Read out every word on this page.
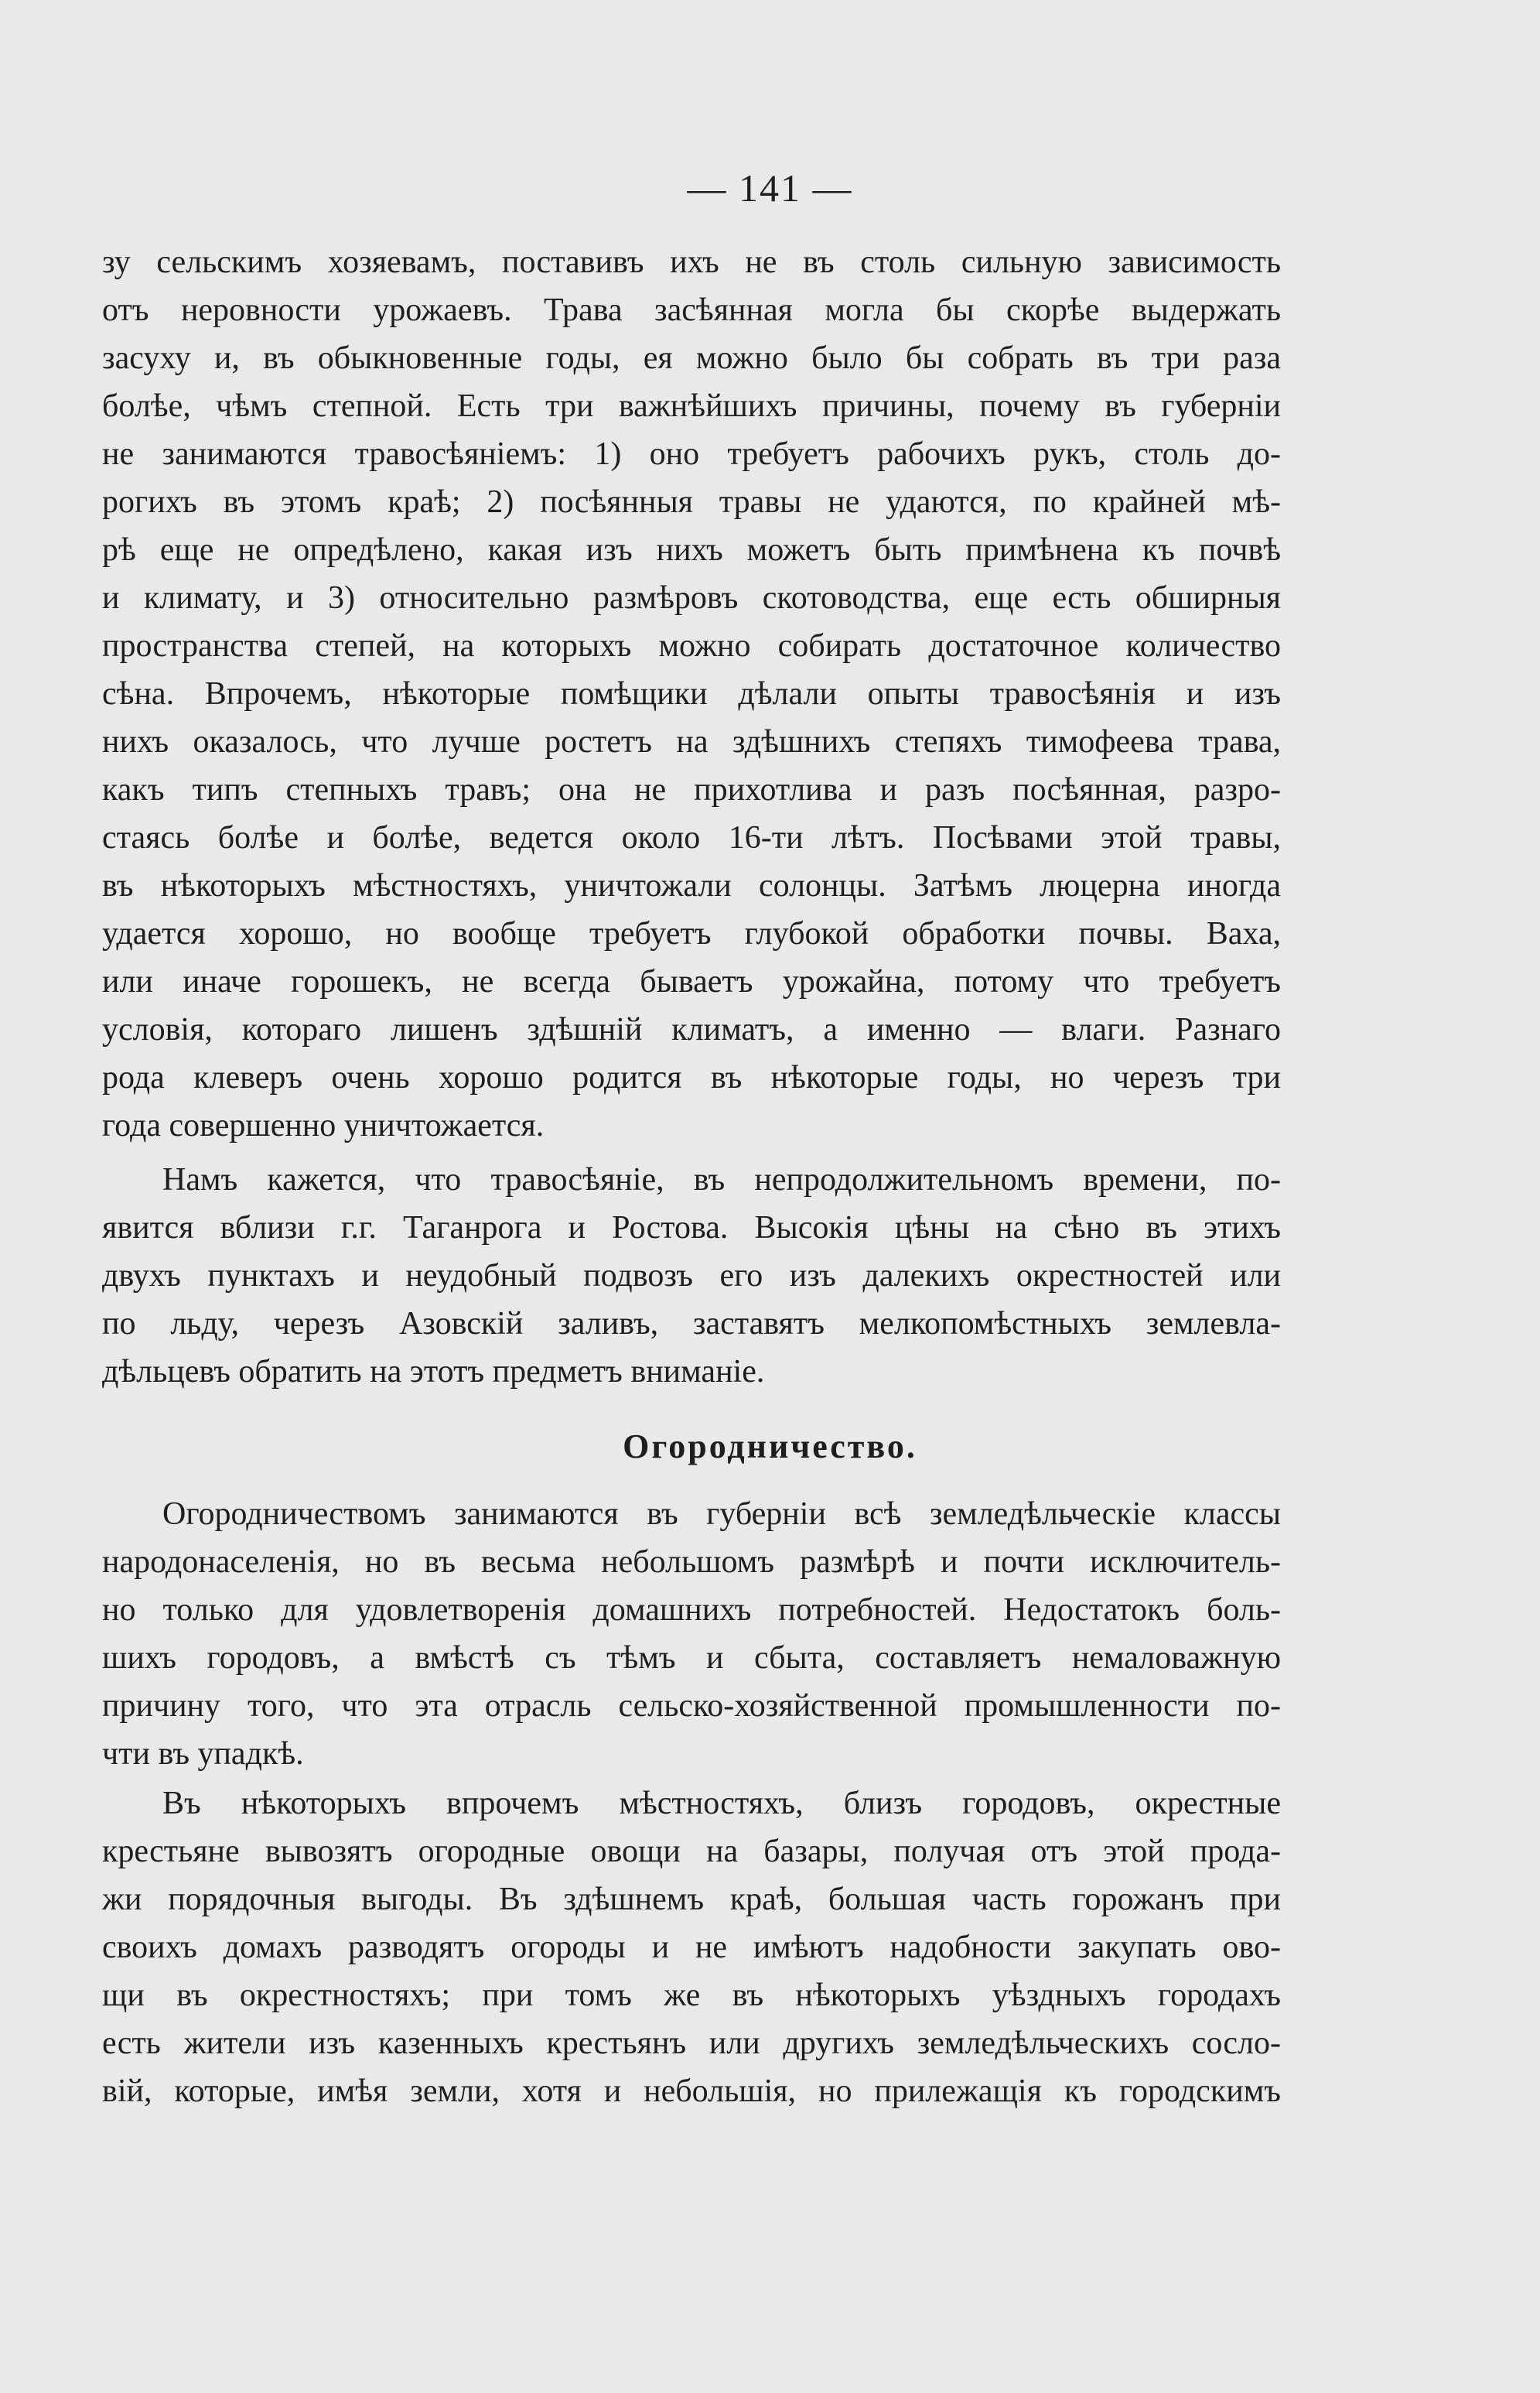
— 141 —
зу сельскимъ хозяевамъ, поставивъ ихъ не въ столь сильную зависимость
отъ неровности урожаевъ. Трава засѣянная могла бы скорѣе выдержать
засуху и, въ обыкновенные годы, ея можно было бы собрать въ три раза
болѣе, чѣмъ степной. Есть три важнѣйшихъ причины, почему въ губерніи
не занимаются травосѣяніемъ: 1) оно требуетъ рабочихъ рукъ, столь до-
рогихъ въ этомъ краѣ; 2) посѣянныя травы не удаются, по крайней мѣ-
рѣ еще не опредѣлено, какая изъ нихъ можетъ быть примѣнена къ почвѣ
и климату, и 3) относительно размѣровъ скотоводства, еще есть обширныя
пространства степей, на которыхъ можно собирать достаточное количество
сѣна. Впрочемъ, нѣкоторые помѣщики дѣлали опыты травосѣянія и изъ
нихъ оказалось, что лучше ростетъ на здѣшнихъ степяхъ тимофеева трава,
какъ типъ степныхъ травъ; она не прихотлива и разъ посѣянная, разро-
стаясь болѣе и болѣе, ведется около 16-ти лѣтъ. Посѣвами этой травы,
въ нѣкоторыхъ мѣстностяхъ, уничтожали солонцы. Затѣмъ люцерна иногда
удается хорошо, но вообще требуетъ глубокой обработки почвы. Ваха,
или иначе горошекъ, не всегда бываетъ урожайна, потому что требуетъ
условія, котораго лишенъ здѣшній климатъ, а именно — влаги. Разнаго
рода клеверъ очень хорошо родится въ нѣкоторые годы, но черезъ три
года совершенно уничтожается.
Намъ кажется, что травосѣяніе, въ непродолжительномъ времени, по-
явится вблизи г.г. Таганрога и Ростова. Высокія цѣны на сѣно въ этихъ
двухъ пунктахъ и неудобный подвозъ его изъ далекихъ окрестностей или
по льду, черезъ Азовскій заливъ, заставятъ мелкопомѣстныхъ землевла-
дѣльцевъ обратить на этотъ предметъ вниманіе.
Огородничество.
Огородничествомъ занимаются въ губерніи всѣ земледѣльческіе классы
народонаселенія, но въ весьма небольшомъ размѣрѣ и почти исключитель-
но только для удовлетворенія домашнихъ потребностей. Недостатокъ боль-
шихъ городовъ, а вмѣстѣ съ тѣмъ и сбыта, составляетъ немаловажную
причину того, что эта отрасль сельско-хозяйственной промышленности по-
чти въ упадкѣ.
Въ нѣкоторыхъ впрочемъ мѣстностяхъ, близъ городовъ, окрестные
крестьяне вывозятъ огородные овощи на базары, получая отъ этой прода-
жи порядочныя выгоды. Въ здѣшнемъ краѣ, большая часть горожанъ при
своихъ домахъ разводятъ огороды и не имѣютъ надобности закупать ово-
щи въ окрестностяхъ; при томъ же въ нѣкоторыхъ уѣздныхъ городахъ
есть жители изъ казенныхъ крестьянъ или другихъ земледѣльческихъ сосло-
вій, которые, имѣя земли, хотя и небольшія, но прилежащія къ городскимъ
